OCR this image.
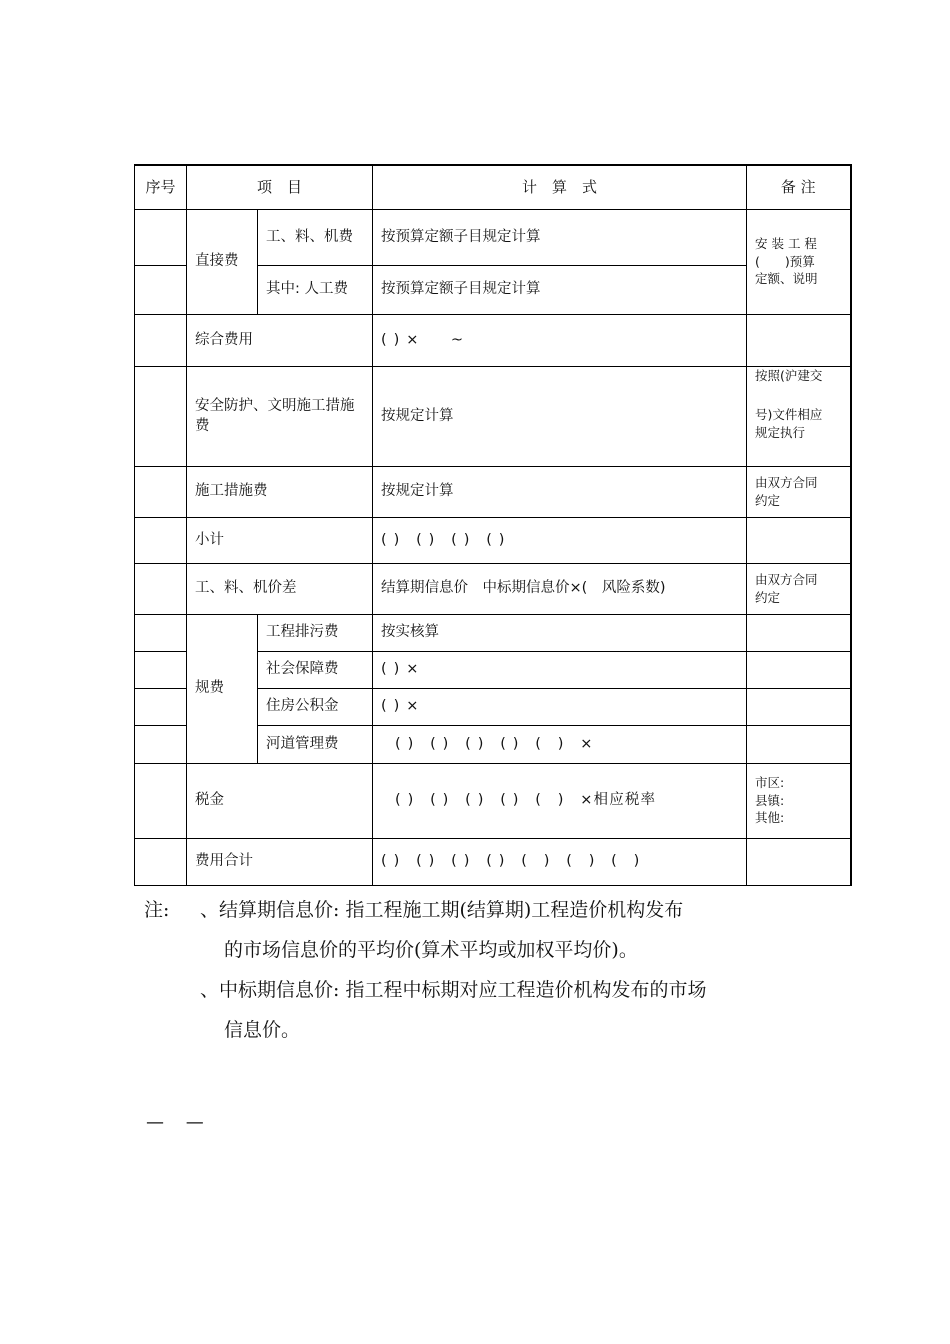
序号	项　目		计　算　式	备 注
	直接费	工、料、机费	按预算定额子目规定计算	安 装 工 程
(　　)预算
定额、说明

		其中: 人工费	按预算定额子目规定计算	
	综合费用		( ) ×　　~	
	安全防护、文明施工措施费		按规定计算	按照(沪建交
号)文件相应
规定执行

	施工措施费		按规定计算	由双方合同
约定

	小计		( )　( )　( )　( )	
	工、料、机价差		结算期信息价　中标期信息价×(　风险系数)	由双方合同
约定

	规费	工程排污费	按实核算	
		社会保障费	( ) ×	
		住房公积金	( ) ×	
		河道管理费	( )　( )　( )　( )　(　)　×	
	税金		( )　( )　( )　( )　(　)　×相应税率	市区:
县镇:
其他:

	费用合计		( )　( )　( )　( )　(　)　(　)　(　)	
注:	、结算期信息价: 指工程施工期(结算期)工程造价机构发布
的市场信息价的平均价(算术平均或加权平均价)。
、中标期信息价: 指工程中标期对应工程造价机构发布的市场
信息价。
— —
